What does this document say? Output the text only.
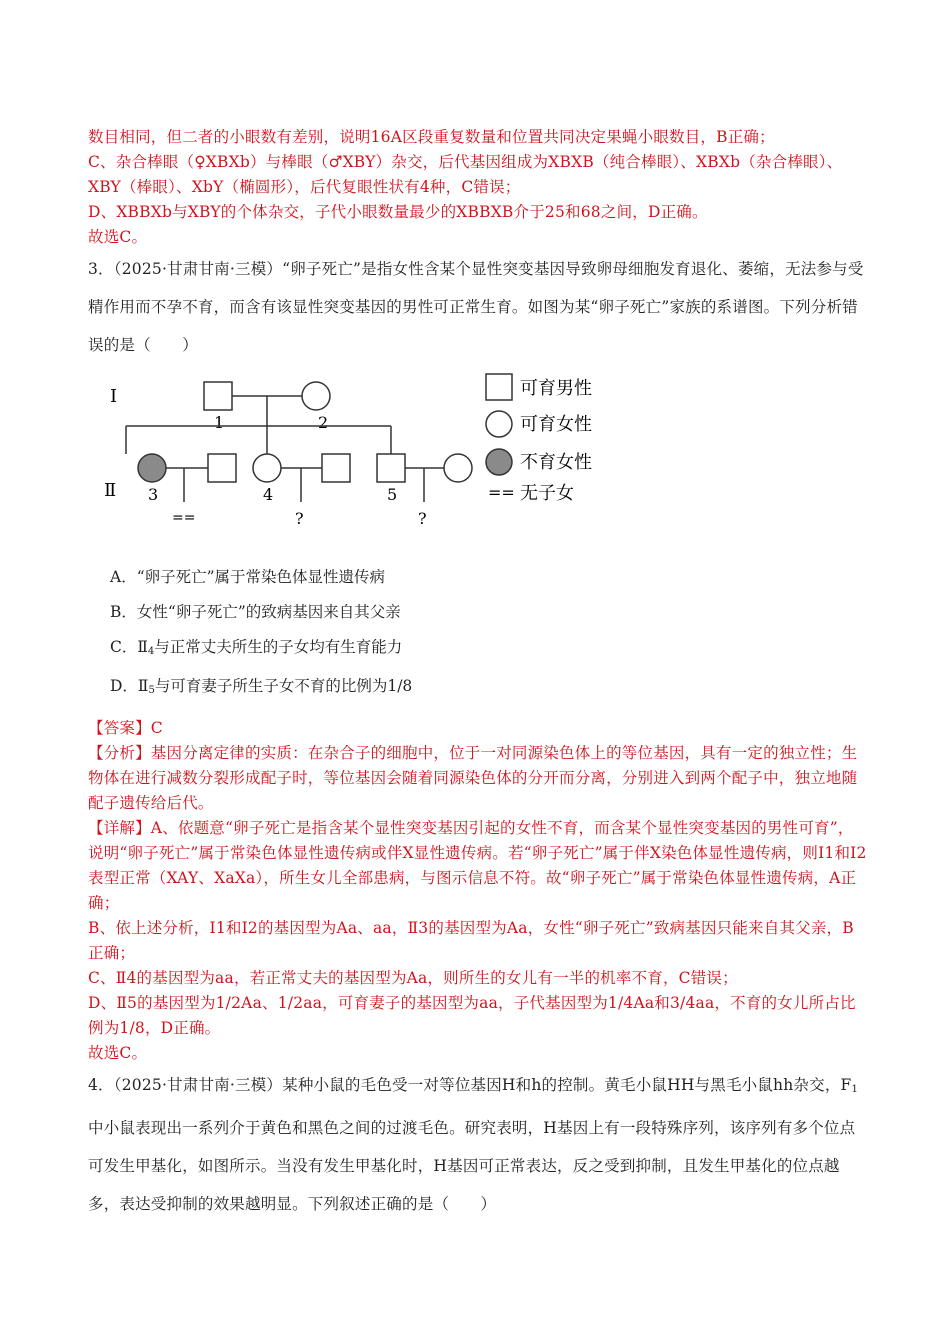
数目相同，但二者的小眼数有差别，说明16A区段重复数量和位置共同决定果蝇小眼数目，B正确；

C、杂合棒眼（♀XBXb）与棒眼（♂XBY）杂交，后代基因组成为XBXB（纯合棒眼）、XBXb（杂合棒眼）、XBY（棒眼）、XbY（椭圆形），后代复眼性状有4种，C错误；

D、XBBXb与XBY的个体杂交，子代小眼数量最少的XBBXB介于25和68之间，D正确。

故选C。

3．（2025·甘肃甘南·三模）“卵子死亡”是指女性含某个显性突变基因导致卵母细胞发育退化、萎缩，无法参与受精作用而不孕不育，而含有该显性突变基因的男性可正常生育。如图为某“卵子死亡”家族的系谱图。下列分析错误的是（　　）

Ⅰ
1	2
Ⅱ 3
==
4
?
5
?
可育男性
可育女性
不育女性
== 无子女

A．“卵子死亡”属于常染色体显性遗传病

B．女性“卵子死亡”的致病基因来自其父亲

C．$Ⅱ_4$与正常丈夫所生的子女均有生育能力

D．$Ⅱ_5$与可育妻子所生子女不育的比例为1/8

【答案】C

【分析】基因分离定律的实质：在杂合子的细胞中，位于一对同源染色体上的等位基因，具有一定的独立性；生物体在进行减数分裂形成配子时，等位基因会随着同源染色体的分开而分离，分别进入到两个配子中，独立地随配子遗传给后代。

【详解】A、依题意“卵子死亡是指含某个显性突变基因引起的女性不育，而含某个显性突变基因的男性可育”，说明“卵子死亡”属于常染色体显性遗传病或伴X显性遗传病。若“卵子死亡”属于伴X染色体显性遗传病，则Ⅰ1和Ⅰ2表型正常（XAY、XaXa），所生女儿全部患病，与图示信息不符。故“卵子死亡”属于常染色体显性遗传病，A正确；

B、依上述分析，Ⅰ1和Ⅰ2的基因型为Aa、aa，Ⅱ3的基因型为Aa，女性“卵子死亡”致病基因只能来自其父亲，B正确；

C、Ⅱ4的基因型为aa，若正常丈夫的基因型为Aa，则所生的女儿有一半的机率不育，C错误；

D、Ⅱ5的基因型为1/2Aa、1/2aa，可育妻子的基因型为aa，子代基因型为1/4Aa和3/4aa，不育的女儿所占比例为1/8，D正确。

故选C。

4．（2025·甘肃甘南·三模）某种小鼠的毛色受一对等位基因H和h的控制。黄毛小鼠HH与黑毛小鼠hh杂交，$F_1$中小鼠表现出一系列介于黄色和黑色之间的过渡毛色。研究表明，H基因上有一段特殊序列，该序列有多个位点可发生甲基化，如图所示。当没有发生甲基化时，H基因可正常表达，反之受到抑制，且发生甲基化的位点越多，表达受抑制的效果越明显。下列叙述正确的是（　　）
